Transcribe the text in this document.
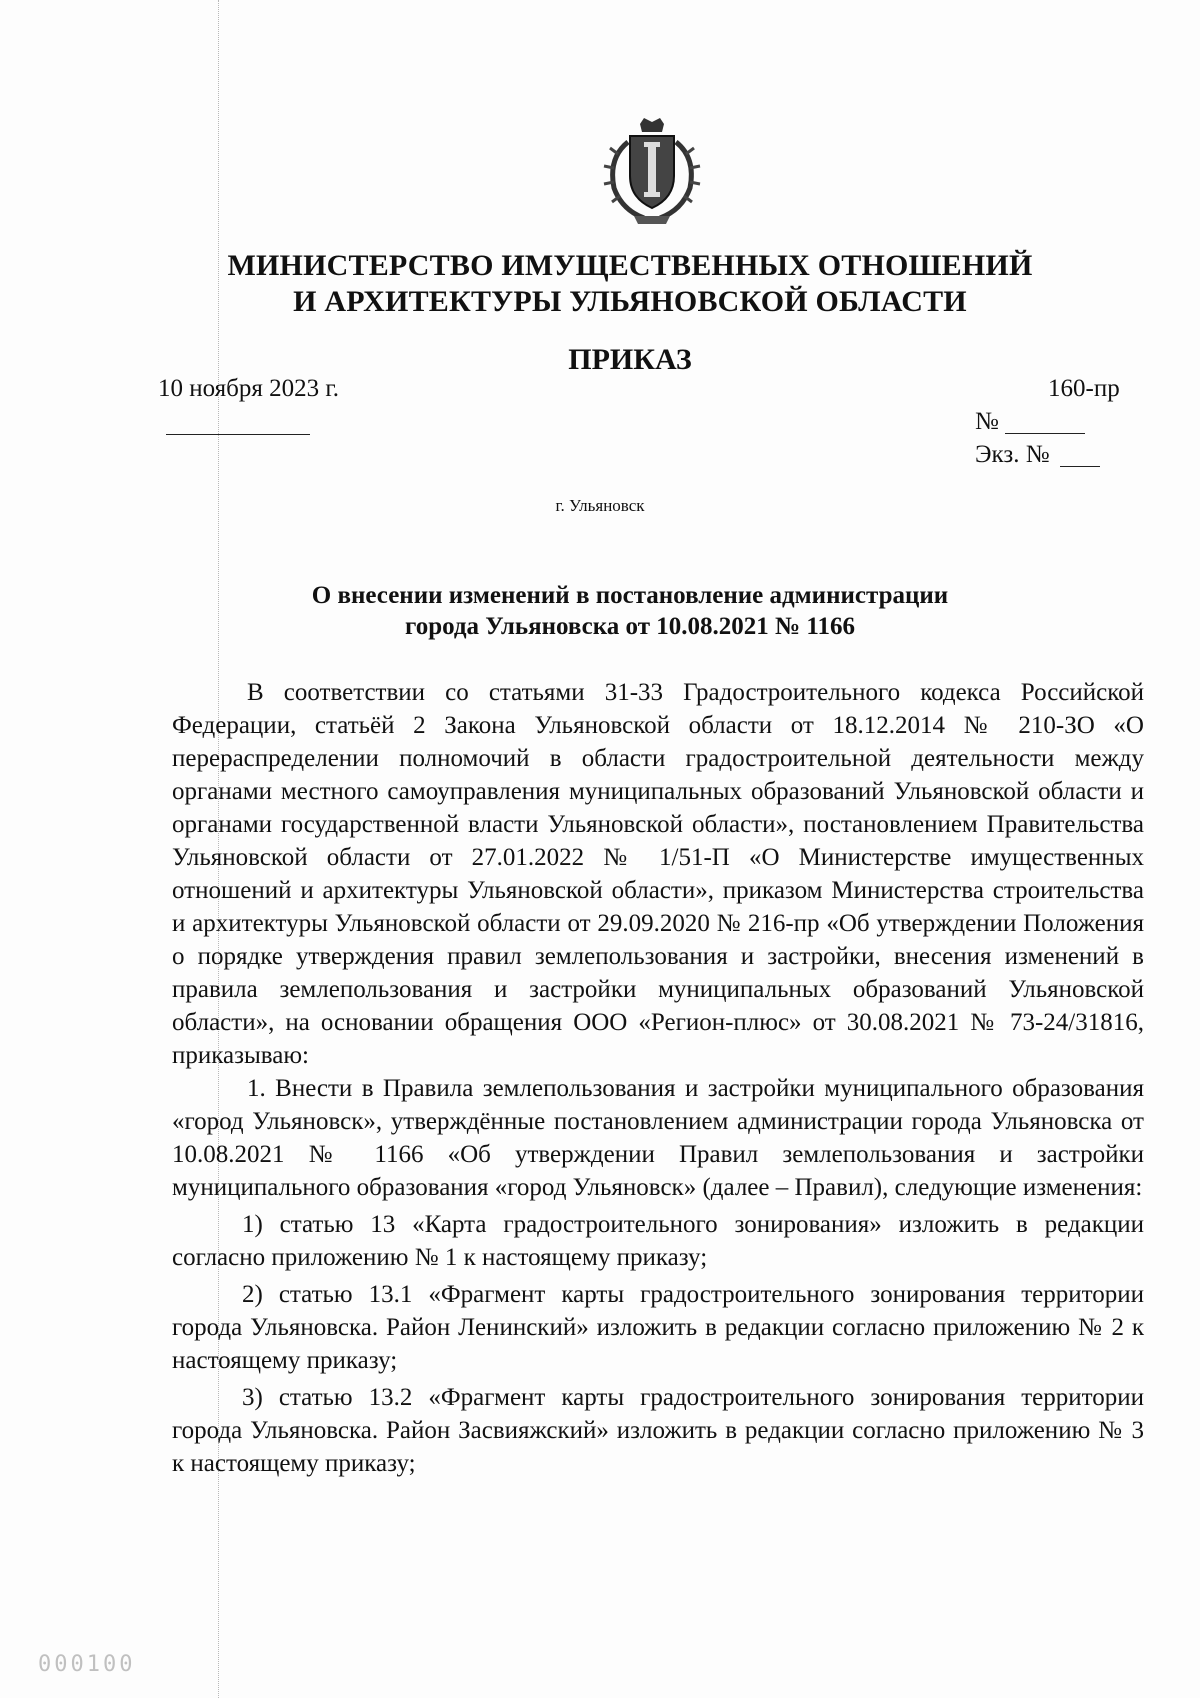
МИНИСТЕРСТВО ИМУЩЕСТВЕННЫХ ОТНОШЕНИЙ
И АРХИТЕКТУРЫ УЛЬЯНОВСКОЙ ОБЛАСТИ
ПРИКАЗ
10 ноября 2023 г.	160-пр
№
Экз. №
г. Ульяновск
О внесении изменений в постановление администрации
города Ульяновска от 10.08.2021 № 1166

В соответствии со статьями 31-33 Градостроительного кодекса Российской Федерации, статьёй 2 Закона Ульяновской области от 18.12.2014 № 210-ЗО «О перераспределении полномочий в области градостроительной деятельности между органами местного самоуправления муниципальных образований Ульяновской области и органами государственной власти Ульяновской области», постановлением Правительства Ульяновской области от 27.01.2022 № 1/51-П «О Министерстве имущественных отношений и архитектуры Ульяновской области», приказом Министерства строительства и архитектуры Ульяновской области от 29.09.2020 № 216-пр «Об утверждении Положения о порядке утверждения правил землепользования и застройки, внесения изменений в правила землепользования и застройки муниципальных образований Ульяновской области», на основании обращения ООО «Регион-плюс» от 30.08.2021 № 73-24/31816, приказываю:

1. Внести в Правила землепользования и застройки муниципального образования «город Ульяновск», утверждённые постановлением администрации города Ульяновска от 10.08.2021 № 1166 «Об утверждении Правил землепользования и застройки муниципального образования «город Ульяновск» (далее – Правил), следующие изменения:

1) статью 13 «Карта градостроительного зонирования» изложить в редакции согласно приложению № 1 к настоящему приказу;

2) статью 13.1 «Фрагмент карты градостроительного зонирования территории города Ульяновска. Район Ленинский» изложить в редакции согласно приложению № 2 к настоящему приказу;

3) статью 13.2 «Фрагмент карты градостроительного зонирования территории города Ульяновска. Район Засвияжский» изложить в редакции согласно приложению № 3 к настоящему приказу;

000100
